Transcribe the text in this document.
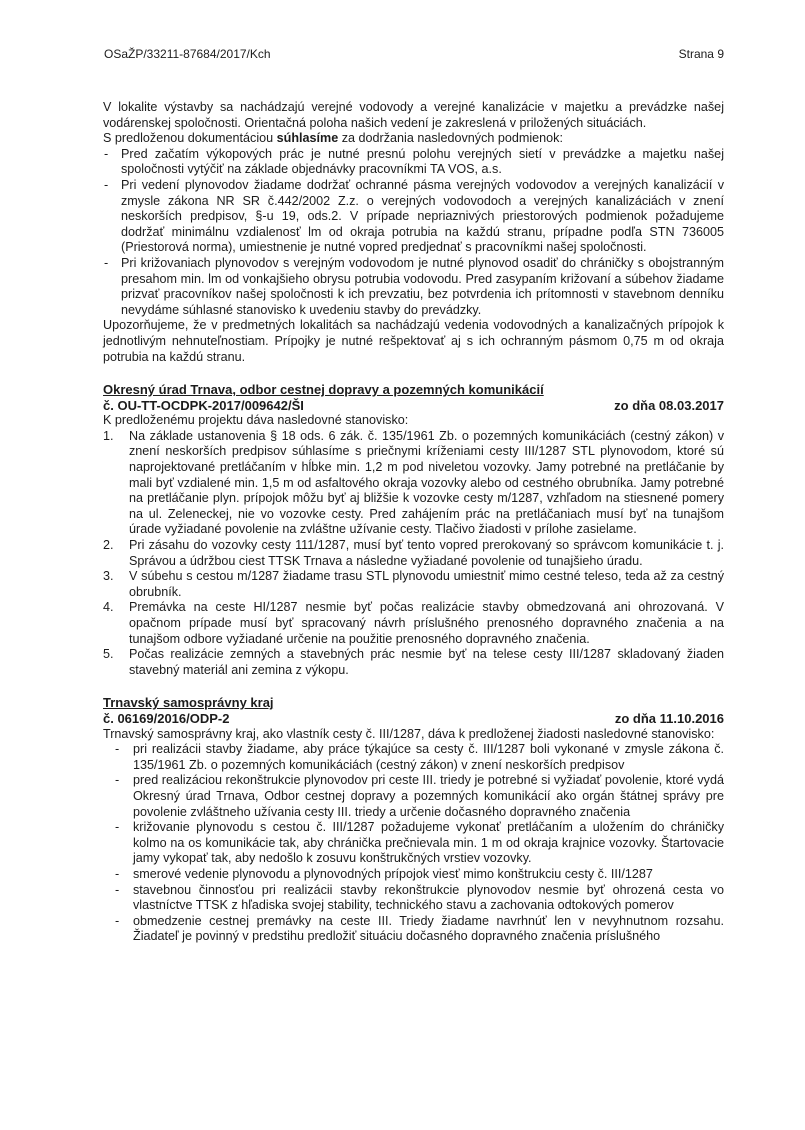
OSaŽP/33211-87684/2017/Kch	Strana 9

V lokalite výstavby sa nachádzajú verejné vodovody a verejné kanalizácie v majetku a prevádzke našej vodárenskej spoločnosti. Orientačná poloha našich vedení je zakreslená v priložených situáciách.

S predloženou dokumentáciou súhlasíme za dodržania nasledovných podmienok:

- Pred začatím výkopových prác je nutné presnú polohu verejných sietí v prevádzke a majetku našej spoločnosti vytýčiť na základe objednávky pracovníkmi TA VOS, a.s.
- Pri vedení plynovodov žiadame dodržať ochranné pásma verejných vodovodov a verejných kanalizácií v zmysle zákona NR SR č.442/2002 Z.z. o verejných vodovodoch a verejných kanalizáciách v znení neskorších predpisov, §-u 19, ods.2. V prípade nepriaznivých priestorových podmienok požadujeme dodržať minimálnu vzdialenosť lm od okraja potrubia na každú stranu, prípadne podľa STN 736005 (Priestorová norma), umiestnenie je nutné vopred predjednať s pracovníkmi našej spoločnosti.
- Pri križovaniach plynovodov s verejným vodovodom je nutné plynovod osadiť do chráničky s obojstranným presahom min. lm od vonkajšieho obrysu potrubia vodovodu. Pred zasypaním križovaní a súbehov žiadame prizvať pracovníkov našej spoločnosti k ich prevzatiu, bez potvrdenia ich prítomnosti v stavebnom denníku nevydáme súhlasné stanovisko k uvedeniu stavby do prevádzky.

Upozorňujeme, že v predmetných lokalitách sa nachádzajú vedenia vodovodných a kanalizačných prípojok k jednotlivým nehnuteľnostiam. Prípojky je nutné rešpektovať aj s ich ochranným pásmom 0,75 m od okraja potrubia na každú stranu.

Okresný úrad Trnava, odbor cestnej dopravy a pozemných komunikácií
č. OU-TT-OCDPK-2017/009642/ŠI	zo dňa 08.03.2017

K predloženému projektu dáva nasledovné stanovisko:

1. Na základe ustanovenia § 18 ods. 6 zák. č. 135/1961 Zb. o pozemných komunikáciách (cestný zákon) v znení neskorších predpisov súhlasíme s priečnymi kríženiami cesty III/1287 STL plynovodom, ktoré sú naprojektované pretláčaním v hĺbke min. 1,2 m pod niveletou vozovky. Jamy potrebné na pretláčanie by mali byť vzdialené min. 1,5 m od asfaltového okraja vozovky alebo od cestného obrubníka. Jamy potrebné na pretláčanie plyn. prípojok môžu byť aj bližšie k vozovke cesty m/1287, vzhľadom na stiesnené pomery na ul. Zeleneckej, nie vo vozovke cesty. Pred zahájením prác na pretláčaniach musí byť na tunajšom úrade vyžiadané povolenie na zvláštne užívanie cesty. Tlačivo žiadosti v prílohe zasielame.
2. Pri zásahu do vozovky cesty 111/1287, musí byť tento vopred prerokovaný so správcom komunikácie t. j. Správou a údržbou ciest TTSK Trnava a následne vyžiadané povolenie od tunajšieho úradu.
3. V súbehu s cestou m/1287 žiadame trasu STL plynovodu umiestniť mimo cestné teleso, teda až za cestný obrubník.
4. Premávka na ceste HI/1287 nesmie byť počas realizácie stavby obmedzovaná ani ohrozovaná. V opačnom prípade musí byť spracovaný návrh príslušného prenosného dopravného značenia a na tunajšom odbore vyžiadané určenie na použitie prenosného dopravného značenia.
5. Počas realizácie zemných a stavebných prác nesmie byť na telese cesty III/1287 skladovaný žiaden stavebný materiál ani zemina z výkopu.
Trnavský samosprávny kraj
č. 06169/2016/ODP-2	zo dňa 11.10.2016

Trnavský samosprávny kraj, ako vlastník cesty č. III/1287, dáva k predloženej žiadosti nasledovné stanovisko:

- pri realizácii stavby žiadame, aby práce týkajúce sa cesty č. III/1287 boli vykonané v zmysle zákona č. 135/1961 Zb. o pozemných komunikáciách (cestný zákon) v znení neskorších predpisov
- pred realizáciou rekonštrukcie plynovodov pri ceste III. triedy je potrebné si vyžiadať povolenie, ktoré vydá Okresný úrad Trnava, Odbor cestnej dopravy a pozemných komunikácií ako orgán štátnej správy pre povolenie zvláštneho užívania cesty III. triedy a určenie dočasného dopravného značenia
- križovanie plynovodu s cestou č. III/1287 požadujeme vykonať pretláčaním a uložením do chráničky kolmo na os komunikácie tak, aby chránička prečnievala min. 1 m od okraja krajnice vozovky. Štartovacie jamy vykopať tak, aby nedošlo k zosuvu konštrukčných vrstiev vozovky.
- smerové vedenie plynovodu a plynovodných prípojok viesť mimo konštrukciu cesty č. III/1287
- stavebnou činnosťou pri realizácii stavby rekonštrukcie plynovodov nesmie byť ohrozená cesta vo vlastníctve TTSK z hľadiska svojej stability, technického stavu a zachovania odtokových pomerov
- obmedzenie cestnej premávky na ceste III. Triedy žiadame navrhnúť len v nevyhnutnom rozsahu. Žiadateľ je povinný v predstihu predložiť situáciu dočasného dopravného značenia príslušného
